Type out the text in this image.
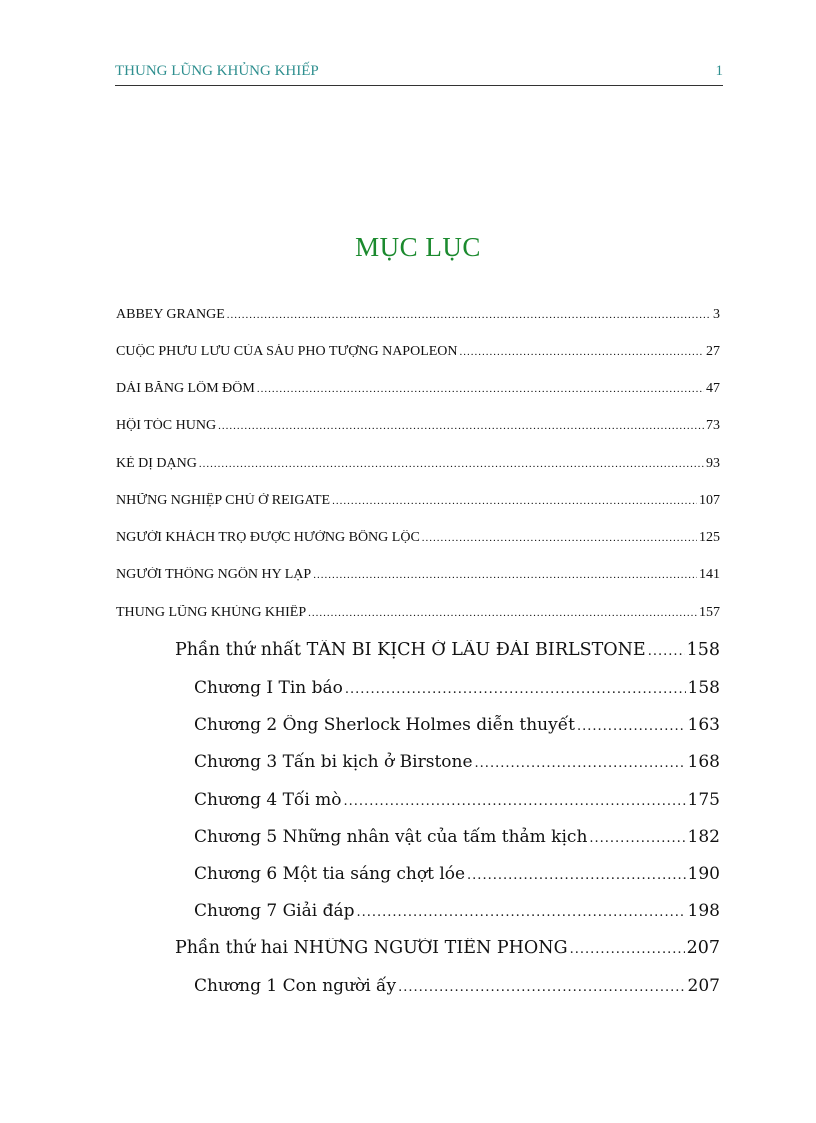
THUNG LŨNG KHỦNG KHIẾP	1
MỤC LỤC
ABBEY GRANGE .....	3
CUỘC PHƯU LƯU CỦA SÁU PHO TƯỢNG NAPOLEON .....	27
DẢI BĂNG LỐM ĐỐM .....	47
HỘI TÓC HUNG .....	73
KẺ DỊ DẠNG .....	93
NHỮNG NGHIỆP CHỦ Ở REIGATE .....	107
NGƯỜI KHÁCH TRỌ ĐƯỢC HƯỞNG BỔNG LỘC .....	125
NGƯỜI THÔNG NGÔN HY LẠP .....	141
THUNG LŨNG KHỦNG KHIẾP .....	157
Phần thứ nhất TẤN BI KỊCH Ở LÂU ĐÀI BIRLSTONE ..... 158
Chương I Tin báo .....	158
Chương 2 Ông Sherlock Holmes diễn thuyết .....	163
Chương 3 Tấn bi kịch ở Birstone .....	168
Chương 4 Tối mò .....	175
Chương 5 Những nhân vật của tấm thảm kịch .....	182
Chương 6 Một tia sáng chợt lóe .....	190
Chương 7 Giải đáp .....	198
Phần thứ hai NHỮNG NGƯỜI TIÊN PHONG .....	207
Chương 1 Con người ấy .....	207
